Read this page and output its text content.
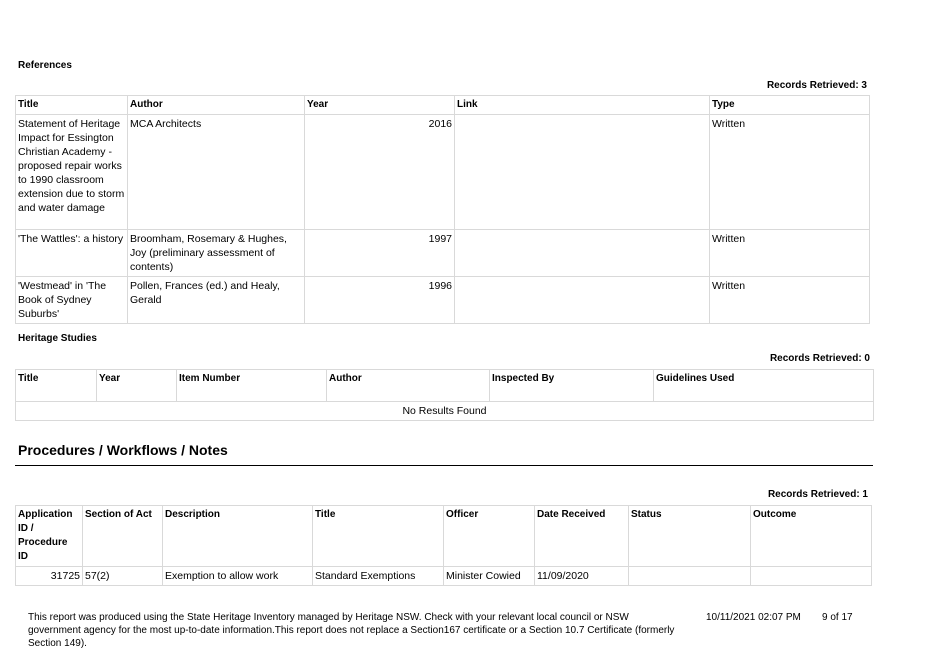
References
Records Retrieved: 3
Title	Author	Year	Link	Type
Statement of Heritage Impact for Essington Christian Academy - proposed repair works to 1990 classroom extension due to storm and water damage	MCA Architects	2016		Written
'The Wattles': a history	Broomham, Rosemary & Hughes, Joy (preliminary assessment of contents)	1997		Written
'Westmead' in 'The Book of Sydney Suburbs'	Pollen, Frances (ed.) and Healy, Gerald	1996		Written
Heritage Studies
Records Retrieved: 0
Title	Year	Item Number	Author	Inspected By	Guidelines Used
No Results Found
Procedures / Workflows / Notes
Records Retrieved: 1
Application ID / Procedure ID	Section of Act	Description	Title	Officer	Date Received	Status	Outcome
31725	57(2)	Exemption to allow work	Standard Exemptions	Minister Cowied	11/09/2020		
This report was produced using the State Heritage Inventory managed by Heritage NSW. Check with your relevant local council or NSW government agency for the most up-to-date information.This report does not replace a Section167 certificate or a Section 10.7 Certificate (formerly Section 149).
10/11/2021 02:07 PM 9 of 17
